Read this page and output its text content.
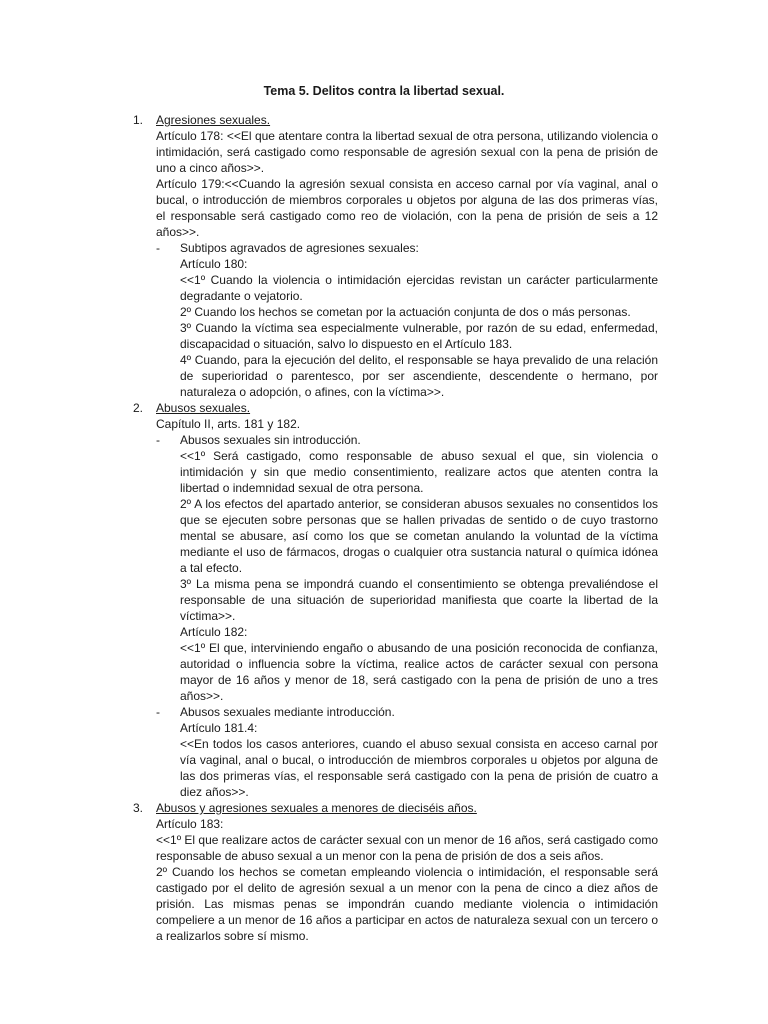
Tema 5. Delitos contra la libertad sexual.
1. Agresiones sexuales.
Artículo 178: <<El que atentare contra la libertad sexual de otra persona, utilizando violencia o intimidación, será castigado como responsable de agresión sexual con la pena de prisión de uno a cinco años>>.
Artículo 179:<<Cuando la agresión sexual consista en acceso carnal por vía vaginal, anal o bucal, o introducción de miembros corporales u objetos por alguna de las dos primeras vías, el responsable será castigado como reo de violación, con la pena de prisión de seis a 12 años>>.
- Subtipos agravados de agresiones sexuales:
Artículo 180:
<<1º Cuando la violencia o intimidación ejercidas revistan un carácter particularmente degradante o vejatorio.
2º Cuando los hechos se cometan por la actuación conjunta de dos o más personas.
3º Cuando la víctima sea especialmente vulnerable, por razón de su edad, enfermedad, discapacidad o situación, salvo lo dispuesto en el Artículo 183.
4º Cuando, para la ejecución del delito, el responsable se haya prevalido de una relación de superioridad o parentesco, por ser ascendiente, descendente o hermano, por naturaleza o adopción, o afines, con la víctima>>.
2. Abusos sexuales.
Capítulo II, arts. 181 y 182.
- Abusos sexuales sin introducción.
<<1º Será castigado, como responsable de abuso sexual el que, sin violencia o intimidación y sin que medio consentimiento, realizare actos que atenten contra la libertad o indemnidad sexual de otra persona.
2º A los efectos del apartado anterior, se consideran abusos sexuales no consentidos los que se ejecuten sobre personas que se hallen privadas de sentido o de cuyo trastorno mental se abusare, así como los que se cometan anulando la voluntad de la víctima mediante el uso de fármacos, drogas o cualquier otra sustancia natural o química idónea a tal efecto.
3º La misma pena se impondrá cuando el consentimiento se obtenga prevaliéndose el responsable de una situación de superioridad manifiesta que coarte la libertad de la víctima>>.
Artículo 182:
<<1º El que, interviniendo engaño o abusando de una posición reconocida de confianza, autoridad o influencia sobre la víctima, realice actos de carácter sexual con persona mayor de 16 años y menor de 18, será castigado con la pena de prisión de uno a tres años>>.
- Abusos sexuales mediante introducción.
Artículo 181.4:
<<En todos los casos anteriores, cuando el abuso sexual consista en acceso carnal por vía vaginal, anal o bucal, o introducción de miembros corporales u objetos por alguna de las dos primeras vías, el responsable será castigado con la pena de prisión de cuatro a diez años>>.
3. Abusos y agresiones sexuales a menores de dieciséis años.
Artículo 183:
<<1º El que realizare actos de carácter sexual con un menor de 16 años, será castigado como responsable de abuso sexual a un menor con la pena de prisión de dos a seis años.
2º Cuando los hechos se cometan empleando violencia o intimidación, el responsable será castigado por el delito de agresión sexual a un menor con la pena de cinco a diez años de prisión. Las mismas penas se impondrán cuando mediante violencia o intimidación compeliere a un menor de 16 años a participar en actos de naturaleza sexual con un tercero o a realizarlos sobre sí mismo.
